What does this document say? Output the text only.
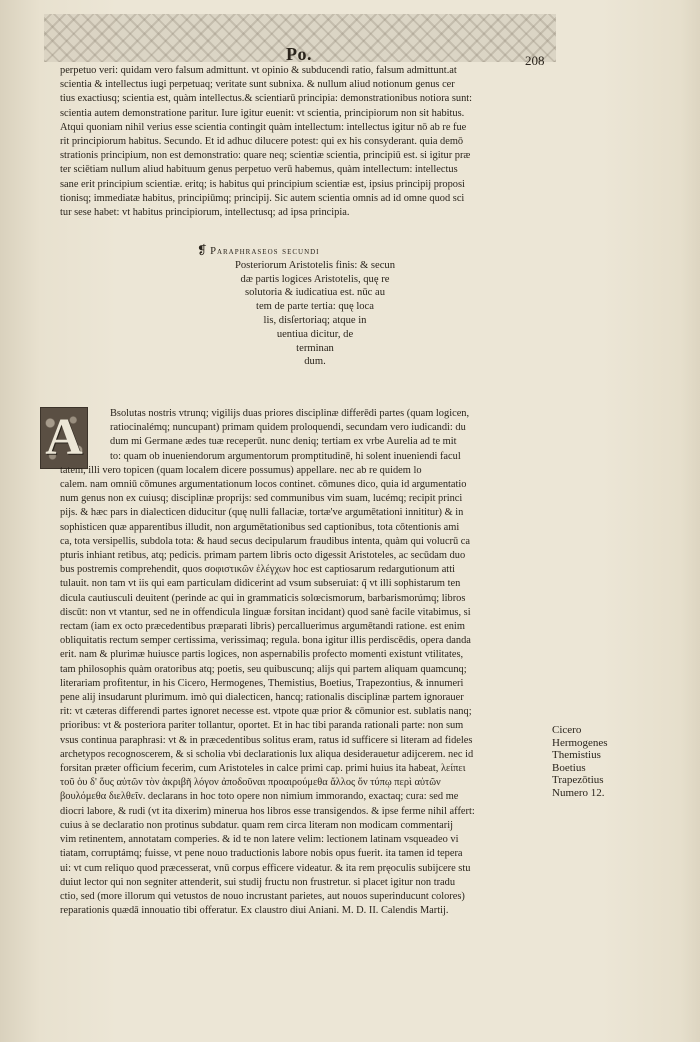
Po.	208
perpetuo veri: quidam vero falsum admittunt. vt opinio & subducendi ratio, falsum admittunt.at
scientia & intellectus iugi perpetuaq; veritate sunt subnixa. & nullum aliud notionum genus cer
tius exactiusq; scientia est, quàm intellectus.& scientiarū principia: demonstrationibus notiora sunt:
scientia autem demonstratione paritur. Iure igitur euenit: vt scientia, principiorum non sit habitus.
Atqui quoniam nihil verius esse scientia contingit quàm intellectum: intellectus igitur nō ab re fue
rit principiorum habitus. Secundo. Et id adhuc dilucere potest: qui ex his consyderant. quia demō
strationis principium, non est demonstratio: quare neq; scientiæ scientia, principiū est. si igitur præ
ter sciētiam nullum aliud habituum genus perpetuo verū habemus, quàm intellectum: intellectus
sane erit principium scientiæ. eritq; is habitus qui principium scientiæ est, ipsius principij proposi
tionisq; immediatæ habitus, principiūmq; principij. Sic autem scientia omnis ad id omne quod sci
tur sese habet: vt habitus principiorum, intellectusq; ad ipsa principia.
❡ Paraphraseos secundi
Posteriorum Aristotelis finis: & secun
dæ partis logices Aristotelis, quę re
solutoria & iudicatiua est. nūc au
tem de parte tertia: quę loca
lis, disſertoriaq; atque in
uentiua dicitur, de
terminan
dum.
A	Bsolutas nostris vtrunq; vigilijs duas priores disciplinæ differēdi partes (quam logicen,
ratiocinalémq; nuncupant) primam quidem proloquendi, secundam vero iudicandi: du
dum mi Germane ædes tuæ receperūt. nunc deniq; tertiam ex vrbe Aurelia ad te mit
to: quam ob inueniendorum argumentorum promptitudinē, hi solent inueniendi facul
tatem, illi vero topicen (quam localem dicere possumus) appellare. nec ab re quidem lo
calem. nam omniū cōmunes argumentationum locos continet. cōmunes dico, quia id argumentatio
num genus non ex cuiusq; disciplinæ proprijs: sed communibus vim suam, lucémq; recipit princi
pijs. & hæc pars in dialecticen diducitur (quę nulli fallaciæ, tortæ've argumētationi innititur) & in
sophisticen quæ apparentibus illudit, non argumētationibus sed captionibus, tota cōtentionis ami
ca, tota versipellis, subdola tota: & haud secus decipularum fraudibus intenta, quàm qui volucrū ca
pturis inhiant retibus, atq; pedicis. primam partem libris octo digessit Aristoteles, ac secūdam duo
bus postremis comprehendit, quos σοφιστικῶν ἐλέγχων hoc est captiosarum redargutionum atti
tulauit. non tam vt iis qui eam particulam didicerint ad vsum subseruiat: q̃ vt illi sophistarum ten
dicula cautiusculi deuitent (perinde ac qui in grammaticis solœcismorum, barbarismorúmq; libros
discūt: non vt vtantur, sed ne in offendicula linguæ forsitan incidant) quod sanè facile vitabimus, si
rectam (iam ex octo præcedentibus præparati libris) percalluerimus argumētandi ratione. est enim
obliquitatis rectum semper certissima, verissimaq; regula. bona igitur illis perdiscēdis, opera danda
erit. nam & plurimæ huiusce partis logices, non aspernabilis profecto momenti existunt vtilitates,
tam philosophis quàm oratoribus atq; poetis, seu quibuscunq; alijs qui partem aliquam quamcunq;
literariam profitentur, in his Cicero, Hermogenes, Themistius, Boetius, Trapezontius, & innumeri
pene alij insudarunt plurimum. imò qui dialecticen, hancq; rationalis disciplinæ partem ignorauer
rit: vt cæteras differendi partes ignoret necesse est. vtpote quæ prior & cōmunior est. sublatis nanq;
prioribus: vt & posteriora pariter tollantur, oportet. Et in hac tibi paranda rationali parte: non sum
vsus continua paraphrasi: vt & in præcedentibus solitus eram, ratus id sufficere si literam ad fideles
archetypos recognoscerem, & si scholia vbi declarationis lux aliqua desiderauetur adijcerem. nec id
forsitan præter officium fecerim, cum Aristoteles in calce primi cap. primi huius ita habeat, λείπει
τοῦ ὁυ δ' ὅυς αὐτῶν τὸν ἀκριβῆ λόγον ἀποδοῦναι προαιρούμεθα ἄλλος ὅν τύπῳ περὶ αὐτῶν
βουλόμεθα διελθεῖν. declarans in hoc toto opere non nimium immorando, exactaq; cura: sed me
diocri labore, & rudi (vt ita dixerim) minerua hos libros esse transigendos. & ipse ferme nihil affert:
cuius à se declaratio non protinus subdatur. quam rem circa literam non modicam commentarij
vim retinentem, annotatam comperies. & id te non latere velim: lectionem latinam vsqueadeo vi
tiatam, corruptámq; fuisse, vt pene nouo traductionis labore nobis opus fuerit. ita tamen id tepera
ui: vt cum reliquo quod præcesserat, vnū corpus efficere videatur. & ita rem pręoculis subijcere stu
duiut lector qui non segniter attenderit, sui studij fructu non frustretur. si placet igitur non tradu
ctio, sed (more illorum qui vetustos de nouo incrustant parietes, aut nouos superinducunt colores)
reparationis quædā innouatio tibi offeratur. Ex claustro diui Aniani. M. D. II. Calendis Martij.
Cicero
Hermogenes
Themistius
Boetius
Trapezōtius
Numero 12.
